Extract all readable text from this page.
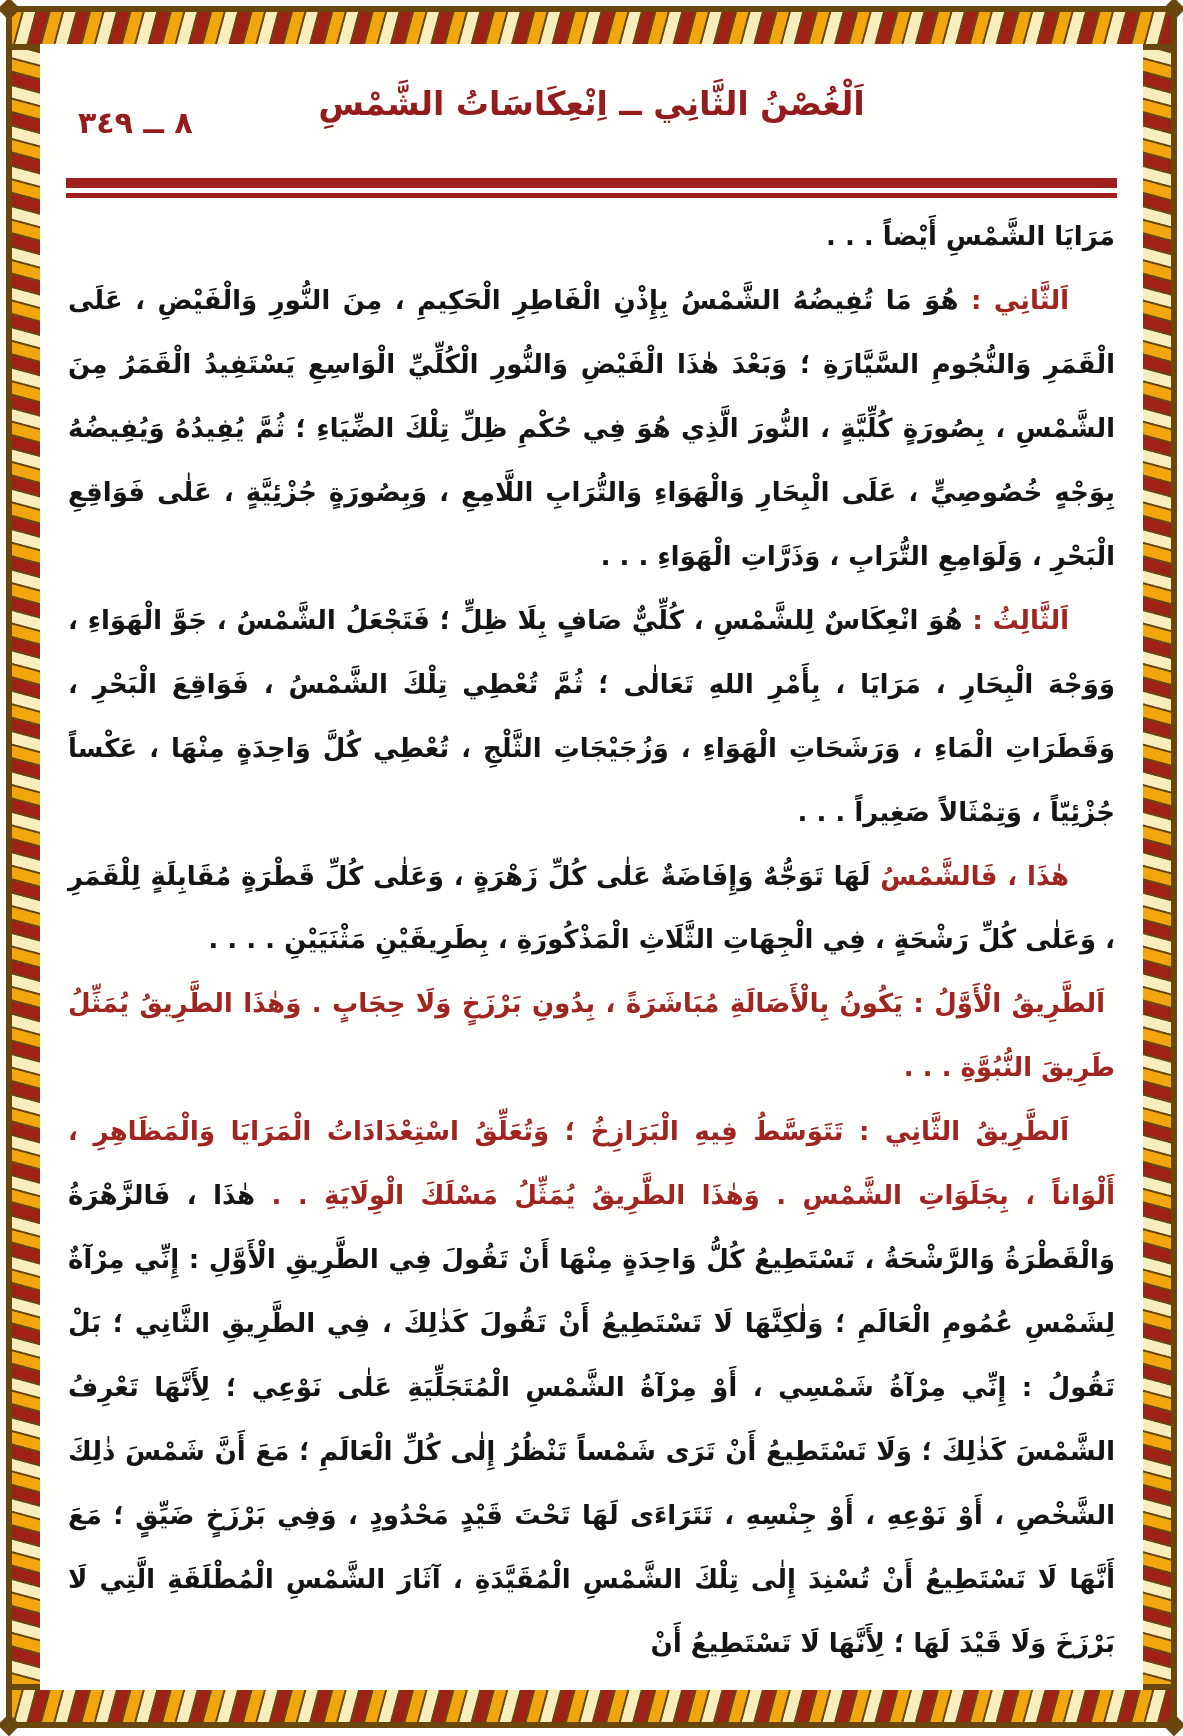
اَلْغُصْنُ الثَّانِي ــ اِنْعِكَاسَاتُ الشَّمْسِ
٨ ــ ٣٤٩

مَرَايَا الشَّمْسِ أَيْضاً . . .

اَلثَّانِي : هُوَ مَا تُفِيضُهُ الشَّمْسُ بِإِذْنِ الْفَاطِرِ الْحَكِيمِ ، مِنَ النُّورِ وَالْفَيْضِ ، عَلَى الْقَمَرِ وَالنُّجُومِ السَّيَّارَةِ ؛ وَبَعْدَ هٰذَا الْفَيْضِ وَالنُّورِ الْكُلِّيِّ الْوَاسِعِ يَسْتَفِيدُ الْقَمَرُ مِنَ الشَّمْسِ ، بِصُورَةٍ كُلِّيَّةٍ ، النُّورَ الَّذِي هُوَ فِي حُكْمِ ظِلِّ تِلْكَ الضِّيَاءِ ؛ ثُمَّ يُفِيدُهُ وَيُفِيضُهُ بِوَجْهٍ خُصُوصِيٍّ ، عَلَى الْبِحَارِ وَالْهَوَاءِ وَالتُّرَابِ اللَّامِعِ ، وَبِصُورَةٍ جُزْئِيَّةٍ ، عَلٰى فَوَاقِعِ الْبَحْرِ ، وَلَوَامِعِ التُّرَابِ ، وَذَرَّاتِ الْهَوَاءِ . . .

اَلثَّالِثُ : هُوَ انْعِكَاسٌ لِلشَّمْسِ ، كُلِّيٌّ صَافٍ بِلَا ظِلٍّ ؛ فَتَجْعَلُ الشَّمْسُ ، جَوَّ الْهَوَاءِ ، وَوَجْهَ الْبِحَارِ ، مَرَايَا ، بِأَمْرِ اللهِ تَعَالٰى ؛ ثُمَّ تُعْطِي تِلْكَ الشَّمْسُ ، فَوَاقِعَ الْبَحْرِ ، وَقَطَرَاتِ الْمَاءِ ، وَرَشَحَاتِ الْهَوَاءِ ، وَزُجَيْجَاتِ الثَّلْجِ ، تُعْطِي كُلَّ وَاحِدَةٍ مِنْهَا ، عَكْساً جُزْئِيّاً ، وَتِمْثَالاً صَغِيراً . . .

هٰذَا ، فَالشَّمْسُ لَهَا تَوَجُّهٌ وَإِفَاضَةٌ عَلٰى كُلِّ زَهْرَةٍ ، وَعَلٰى كُلِّ قَطْرَةٍ مُقَابِلَةٍ لِلْقَمَرِ ، وَعَلٰى كُلِّ رَشْحَةٍ ، فِي الْجِهَاتِ الثَّلَاثِ الْمَذْكُورَةِ ، بِطَرِيقَيْنِ مَثْنَيَيْنِ . . . .

اَلطَّرِيقُ الْأَوَّلُ : يَكُونُ بِالْأَصَالَةِ مُبَاشَرَةً ، بِدُونِ بَرْزَخٍ وَلَا حِجَابٍ . وَهٰذَا الطَّرِيقُ يُمَثِّلُ طَرِيقَ النُّبُوَّةِ . . .

اَلطَّرِيقُ الثَّانِي : تَتَوَسَّطُ فِيهِ الْبَرَازِخُ ؛ وَتُعَلِّقُ اسْتِعْدَادَاتُ الْمَرَايَا وَالْمَظَاهِرِ ، أَلْوَاناً ، بِجَلَوَاتِ الشَّمْسِ . وَهٰذَا الطَّرِيقُ يُمَثِّلُ مَسْلَكَ الْوِلَايَةِ . . هٰذَا ، فَالزَّهْرَةُ وَالْقَطْرَةُ وَالرَّشْحَةُ ، تَسْتَطِيعُ كُلُّ وَاحِدَةٍ مِنْهَا أَنْ تَقُولَ فِي الطَّرِيقِ الْأَوَّلِ : إِنِّي مِرْآةٌ لِشَمْسِ عُمُومِ الْعَالَمِ ؛ وَلٰكِنَّهَا لَا تَسْتَطِيعُ أَنْ تَقُولَ كَذٰلِكَ ، فِي الطَّرِيقِ الثَّانِي ؛ بَلْ تَقُولُ : إِنِّي مِرْآةُ شَمْسِي ، أَوْ مِرْآةُ الشَّمْسِ الْمُتَجَلِّيَةِ عَلٰى نَوْعِي ؛ لِأَنَّهَا تَعْرِفُ الشَّمْسَ كَذٰلِكَ ؛ وَلَا تَسْتَطِيعُ أَنْ تَرَى شَمْساً تَنْظُرُ إِلٰى كُلِّ الْعَالَمِ ؛ مَعَ أَنَّ شَمْسَ ذٰلِكَ الشَّخْصِ ، أَوْ نَوْعِهِ ، أَوْ جِنْسِهِ ، تَتَرَاءَى لَهَا تَحْتَ قَيْدٍ مَحْدُودٍ ، وَفِي بَرْزَخٍ ضَيِّقٍ ؛ مَعَ أَنَّهَا لَا تَسْتَطِيعُ أَنْ تُسْنِدَ إِلٰى تِلْكَ الشَّمْسِ الْمُقَيَّدَةِ ، آثَارَ الشَّمْسِ الْمُطْلَقَةِ الَّتِي لَا بَرْزَخَ وَلَا قَيْدَ لَهَا ؛ لِأَنَّهَا لَا تَسْتَطِيعُ أَنْ
